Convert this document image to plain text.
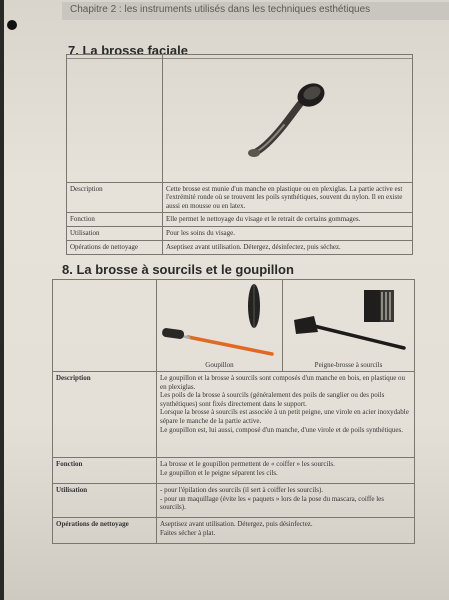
Chapitre 2 : les instruments utilisés dans les techniques esthétiques
7. La brosse faciale

Description	Cette brosse est munie d'un manche en plastique ou en plexiglas. La partie active est l'extrémité ronde où se trouvent les poils synthétiques, souvent du nylon. Il en existe aussi en mousse ou en latex.
Fonction	Elle permet le nettoyage du visage et le retrait de certains gommages.
Utilisation	Pour les soins du visage.
Opérations de nettoyage	Aseptisez avant utilisation. Détergez, désinfectez, puis séchez.
8. La brosse à sourcils et le goupillon

	Goupillon	Peigne-brosse à sourcils

Description	Le goupillon et la brosse à sourcils sont composés d'un manche en bois, en plastique ou en plexiglas.
Les poils de la brosse à sourcils (généralement des poils de sanglier ou des poils synthétiques) sont fixés directement dans le support.
Lorsque la brosse à sourcils est associée à un petit peigne, une virole en acier inoxydable sépare le manche de la partie active.
Le goupillon est, lui aussi, composé d'un manche, d'une virole et de poils synthétiques.	

Fonction	La brosse et le goupillon permettent de « coiffer » les sourcils.
Le goupillon et le peigne séparent les cils.	

Utilisation	- pour l'épilation des sourcils (il sert à coiffer les sourcils).
- pour un maquillage (évite les « paquets » lors de la pose du mascara, coiffe les sourcils).	

Opérations de nettoyage	Aseptisez avant utilisation. Détergez, puis désinfectez.
Faites sécher à plat.	
